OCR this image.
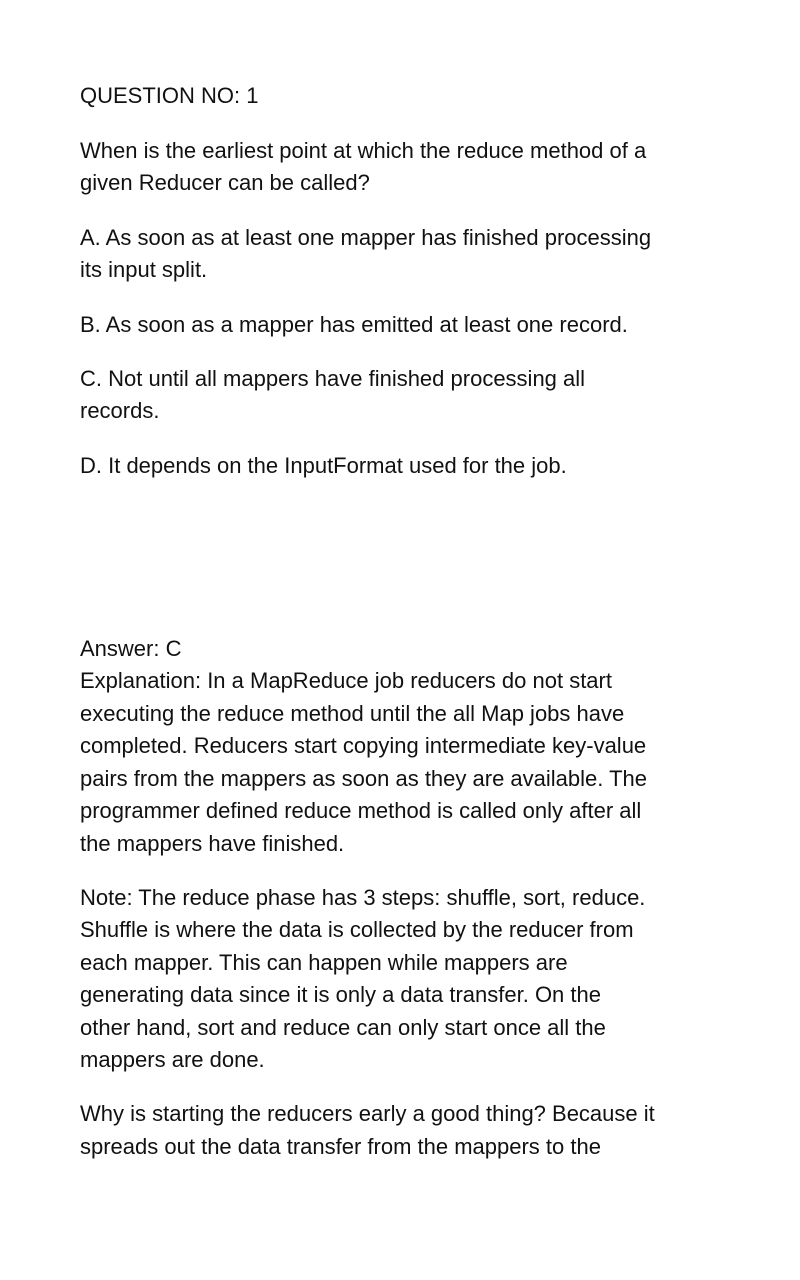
QUESTION NO: 1
When is the earliest point at which the reduce method of a
given Reducer can be called?
A. As soon as at least one mapper has finished processing
its input split.
B. As soon as a mapper has emitted at least one record.
C. Not until all mappers have finished processing all
records.
D. It depends on the InputFormat used for the job.
Answer: C
Explanation: In a MapReduce job reducers do not start
executing the reduce method until the all Map jobs have
completed. Reducers start copying intermediate key-value
pairs from the mappers as soon as they are available. The
programmer defined reduce method is called only after all
the mappers have finished.
Note: The reduce phase has 3 steps: shuffle, sort, reduce.
Shuffle is where the data is collected by the reducer from
each mapper. This can happen while mappers are
generating data since it is only a data transfer. On the
other hand, sort and reduce can only start once all the
mappers are done.
Why is starting the reducers early a good thing? Because it
spreads out the data transfer from the mappers to the
